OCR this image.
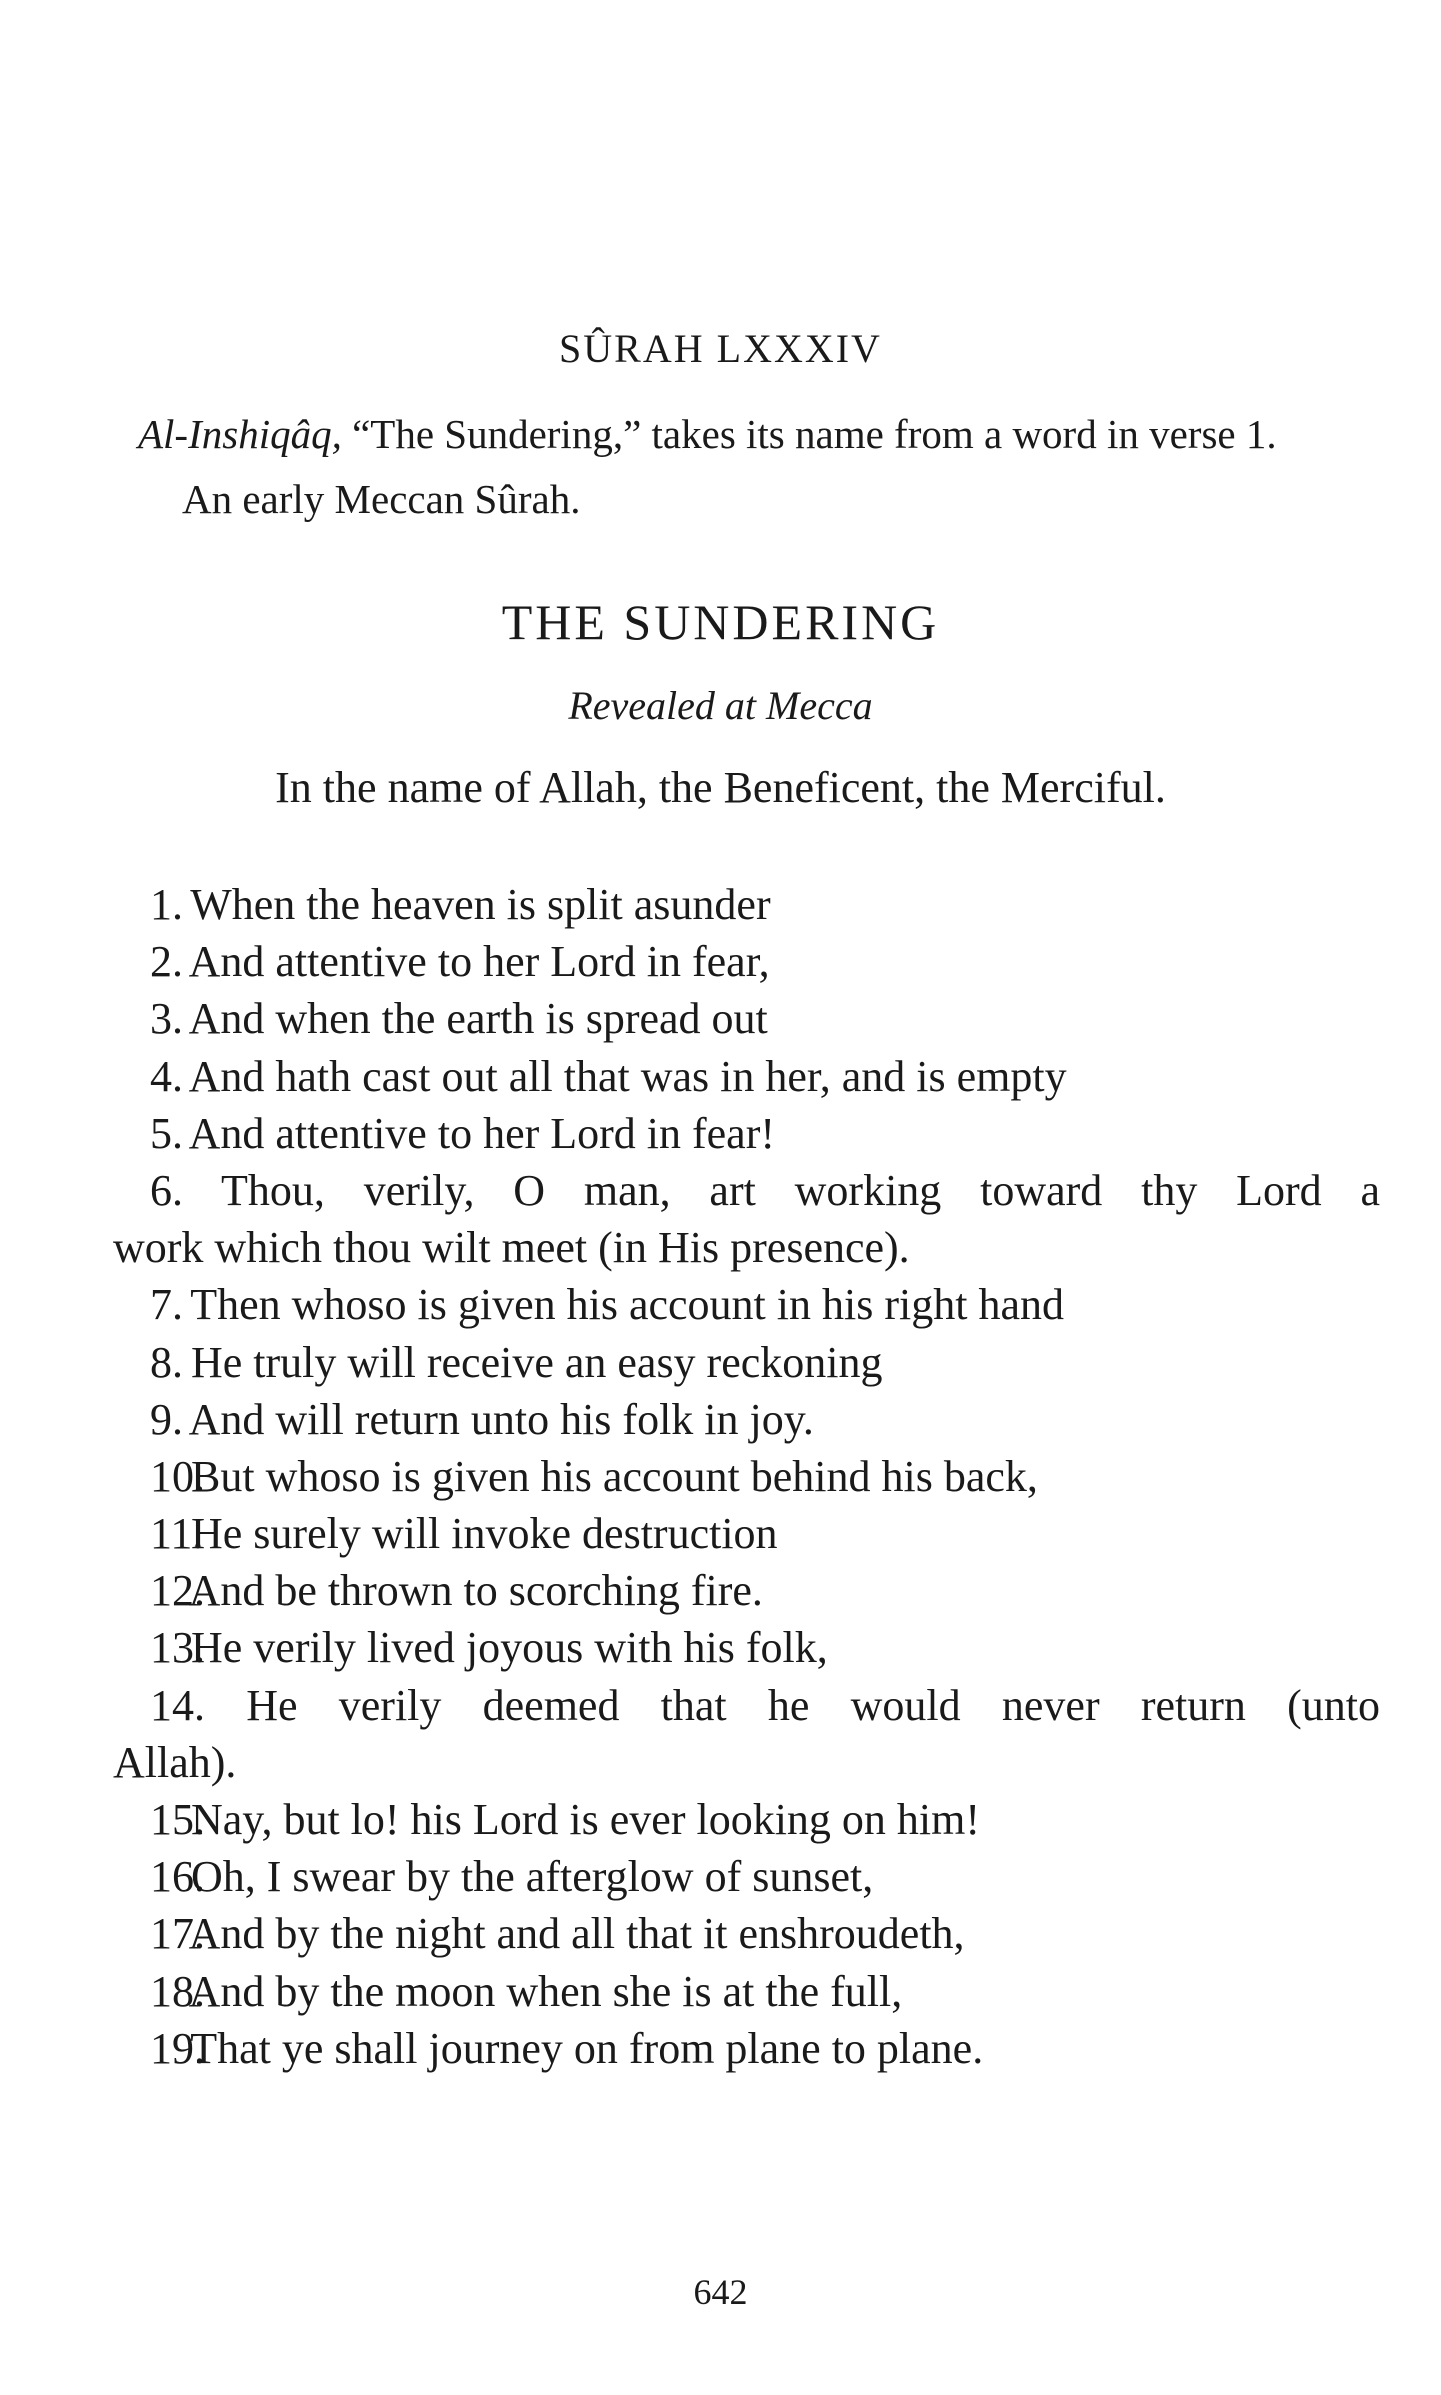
SÛRAH LXXXIV
Al-Inshiqâq, “The Sundering,” takes its name from a word in verse 1.
An early Meccan Sûrah.
THE SUNDERING
Revealed at Mecca
In the name of Allah, the Beneficent, the Merciful.
1. When the heaven is split asunder
2. And attentive to her Lord in fear,
3. And when the earth is spread out
4. And hath cast out all that was in her, and is empty
5. And attentive to her Lord in fear!
6. Thou, verily, O man, art working toward thy Lord a
work which thou wilt meet (in His presence).
7. Then whoso is given his account in his right hand
8. He truly will receive an easy reckoning
9. And will return unto his folk in joy.
10. But whoso is given his account behind his back,
11. He surely will invoke destruction
12. And be thrown to scorching fire.
13. He verily lived joyous with his folk,
14. He verily deemed that he would never return (unto
Allah).
15. Nay, but lo! his Lord is ever looking on him!
16. Oh, I swear by the afterglow of sunset,
17. And by the night and all that it enshroudeth,
18. And by the moon when she is at the full,
19. That ye shall journey on from plane to plane.
642
